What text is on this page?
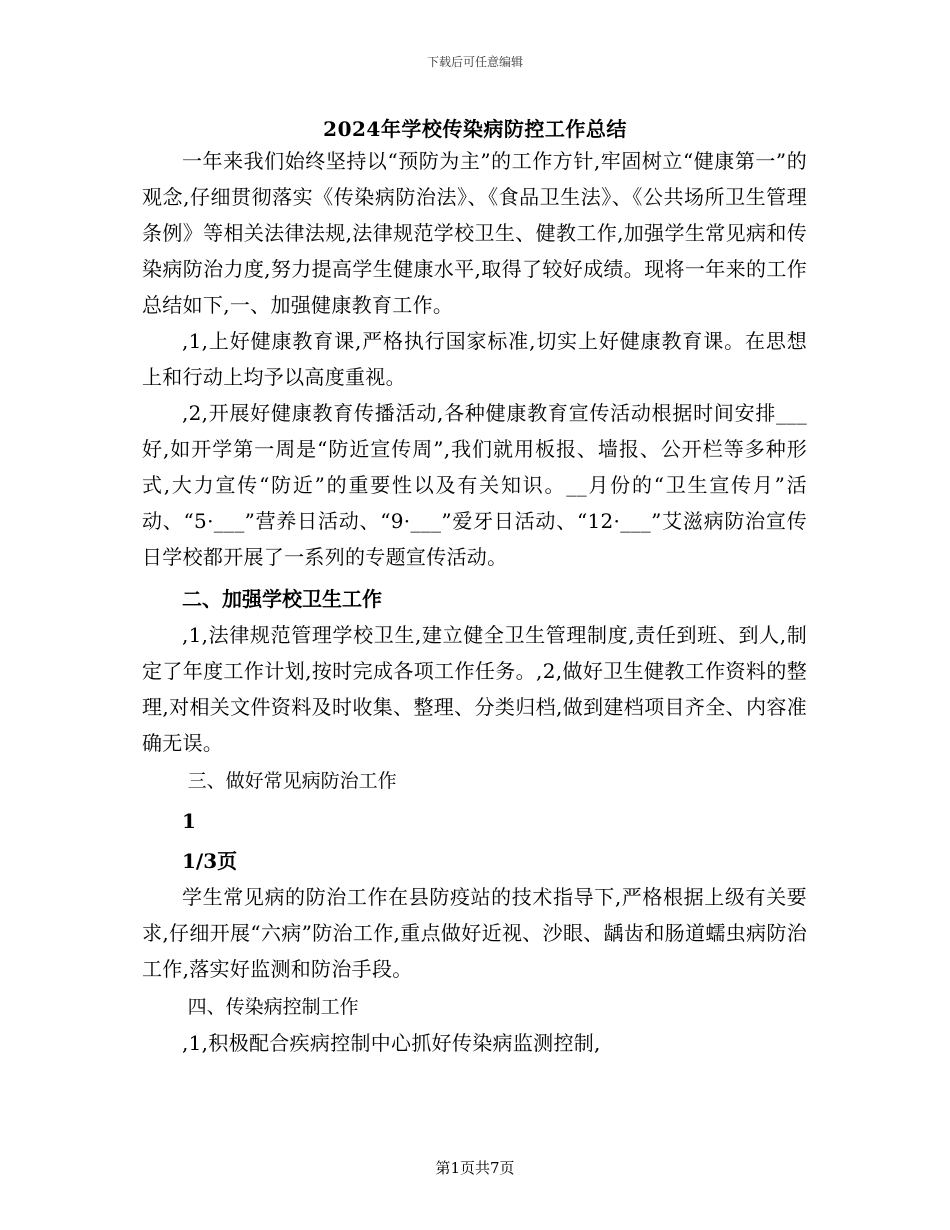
下载后可任意编辑
2024年学校传染病防控工作总结

一年来我们始终坚持以“预防为主”的工作方针,牢固树立“健康第一”的观念,仔细贯彻落实《传染病防治法》、《食品卫生法》、《公共场所卫生管理条例》等相关法律法规,法律规范学校卫生、健教工作,加强学生常见病和传染病防治力度,努力提高学生健康水平,取得了较好成绩。现将一年来的工作总结如下,一、加强健康教育工作。

,1,上好健康教育课,严格执行国家标准,切实上好健康教育课。在思想上和行动上均予以高度重视。

,2,开展好健康教育传播活动,各种健康教育宣传活动根据时间安排___好,如开学第一周是“防近宣传周”,我们就用板报、墙报、公开栏等多种形式,大力宣传“防近”的重要性以及有关知识。__月份的“卫生宣传月”活动、“5·___”营养日活动、“9·___”爱牙日活动、“12·___”艾滋病防治宣传日学校都开展了一系列的专题宣传活动。

二、加强学校卫生工作

,1,法律规范管理学校卫生,建立健全卫生管理制度,责任到班、到人,制定了年度工作计划,按时完成各项工作任务。,2,做好卫生健教工作资料的整理,对相关文件资料及时收集、整理、分类归档,做到建档项目齐全、内容准确无误。

三、做好常见病防治工作

1

1/3页

学生常见病的防治工作在县防疫站的技术指导下,严格根据上级有关要求,仔细开展“六病”防治工作,重点做好近视、沙眼、龋齿和肠道蠕虫病防治工作,落实好监测和防治手段。

四、传染病控制工作

,1,积极配合疾病控制中心抓好传染病监测控制,

第1页共7页
